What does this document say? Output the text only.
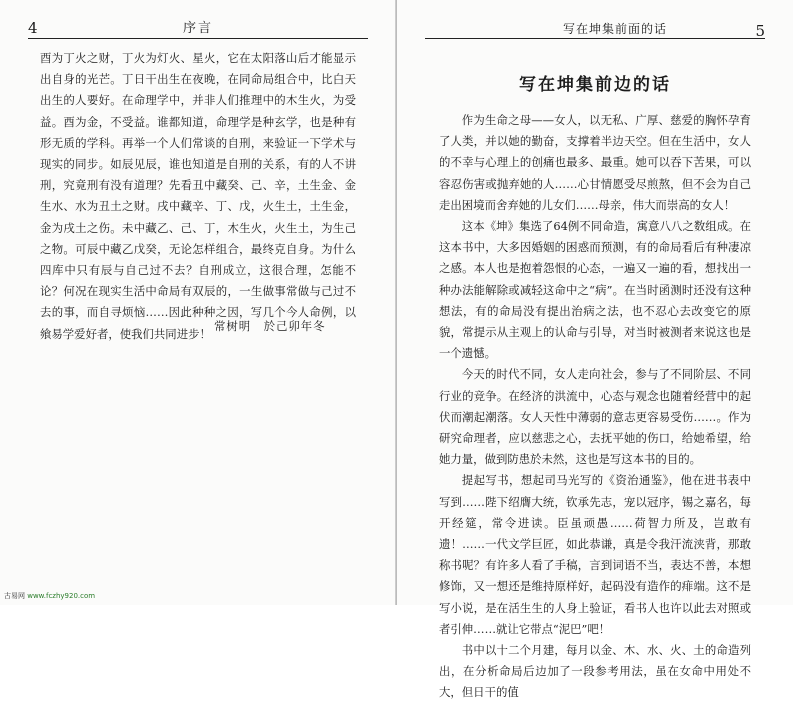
4	序言

酉为丁火之财，丁火为灯火、星火，它在太阳落山后才能显示出自身的光芒。丁日干出生在夜晚，在同命局组合中，比白天出生的人要好。在命理学中，并非人们推理中的木生火，为受益。酉为金，不受益。谁都知道，命理学是种玄学，也是种有形无质的学科。再举一个人们常谈的自刑，来验证一下学术与现实的同步。如辰见辰，谁也知道是自刑的关系，有的人不讲刑，究竟刑有没有道理？先看丑中藏癸、己、辛，土生金、金生水、水为丑土之财。戌中藏辛、丁、戊，火生土，土生金，金为戌土之伤。未中藏乙、己、丁，木生火，火生土，为生己之物。可辰中藏乙戊癸，无论怎样组合，最终克自身。为什么四库中只有辰与自己过不去？自刑成立，这很合理，怎能不论？何况在现实生活中命局有双辰的，一生做事常做与己过不去的事，而自寻烦恼……因此种种之因，写几个今人命例，以飨易学爱好者，使我们共同进步！

常树明　於己卯年冬
古易网 www.fczhy920.com
写在坤集前面的话	5
写在坤集前边的话

作为生命之母——女人，以无私、广厚、慈爱的胸怀孕育了人类，并以她的勤奋，支撑着半边天空。但在生活中，女人的不幸与心理上的创痛也最多、最重。她可以吞下苦果，可以容忍伤害或抛弃她的人……心甘情愿受尽煎熬，但不会为自己走出困境而舍弃她的儿女们……母亲，伟大而崇高的女人！

这本《坤》集选了64例不同命造，寓意八八之数组成。在这本书中，大多因婚姻的困惑而预测，有的命局看后有种凄凉之感。本人也是抱着怨恨的心态，一遍又一遍的看，想找出一种办法能解除或减轻这命中之“病”。在当时函测时还没有这种想法，有的命局没有提出治病之法，也不忍心去改变它的原貌，常提示从主观上的认命与引导，对当时被测者来说这也是一个遗憾。

今天的时代不同，女人走向社会，参与了不同阶层、不同行业的竞争。在经济的洪流中，心态与观念也随着经营中的起伏而潮起潮落。女人天性中薄弱的意志更容易受伤……。作为研究命理者，应以慈悲之心，去抚平她的伤口，给她希望，给她力量，做到防患於未然，这也是写这本书的目的。

提起写书，想起司马光写的《资治通鉴》，他在进书表中写到……陛下绍膺大统，钦承先志，宠以冠序，锡之嘉名，每开经筵，常令进读。臣虽顽愚……荷智力所及，岂敢有遗！……一代文学巨匠，如此恭谦，真是令我汗流浃背，那敢称书呢？有许多人看了手稿，言到词语不当，表达不善，本想修饰，又一想还是维持原样好，起码没有造作的痱端。这不是写小说，是在活生生的人身上验证，看书人也许以此去对照或者引伸……就让它带点“泥巴”吧！

书中以十二个月建，每月以金、木、水、火、土的命造列出，在分析命局后边加了一段参考用法，虽在女命中用处不大，但日干的值
